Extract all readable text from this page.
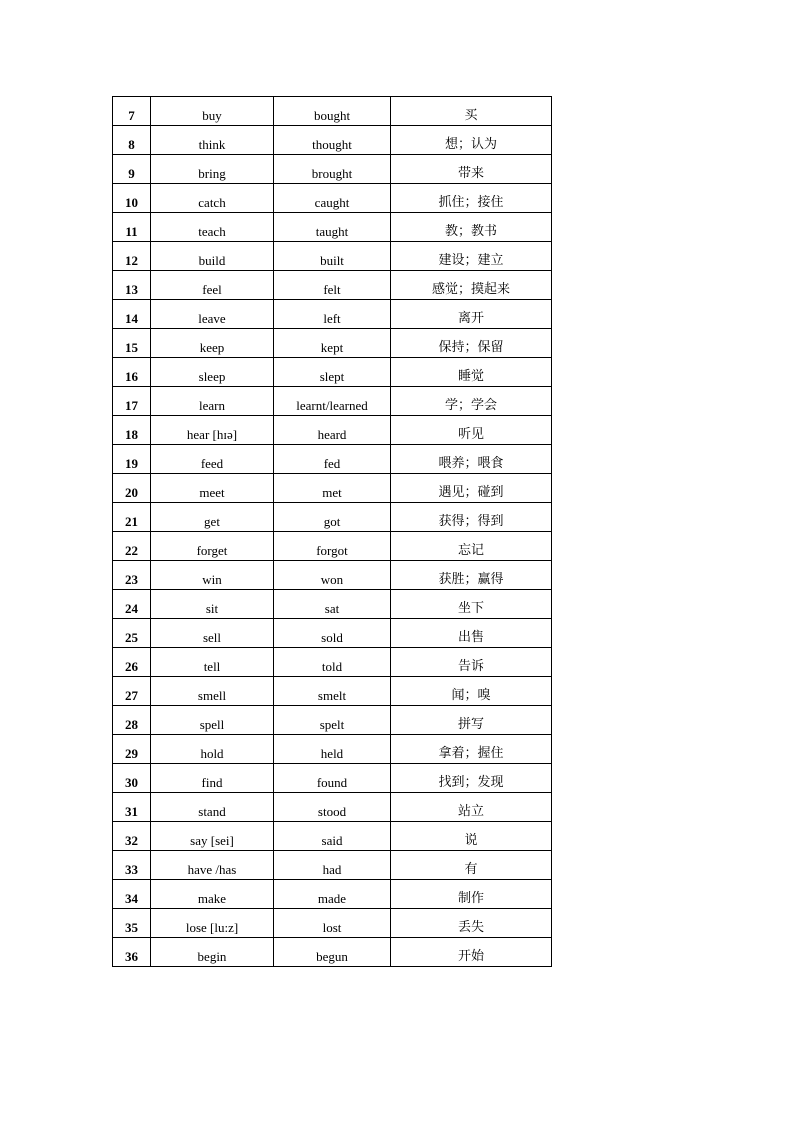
7	buy	bought	买
8	think	thought	想；认为
9	bring	brought	带来
10	catch	caught	抓住；接住
11	teach	taught	教；教书
12	build	built	建设；建立
13	feel	felt	感觉；摸起来
14	leave	left	离开
15	keep	kept	保持；保留
16	sleep	slept	睡觉
17	learn	learnt/learned	学；学会
18	hear [hɪə]	heard	听见
19	feed	fed	喂养；喂食
20	meet	met	遇见；碰到
21	get	got	获得；得到
22	forget	forgot	忘记
23	win	won	获胜；赢得
24	sit	sat	坐下
25	sell	sold	出售
26	tell	told	告诉
27	smell	smelt	闻；嗅
28	spell	spelt	拼写
29	hold	held	拿着；握住
30	find	found	找到；发现
31	stand	stood	站立
32	say [sei]	said	说
33	have /has	had	有
34	make	made	制作
35	lose [lu:z]	lost	丢失
36	begin	begun	开始
